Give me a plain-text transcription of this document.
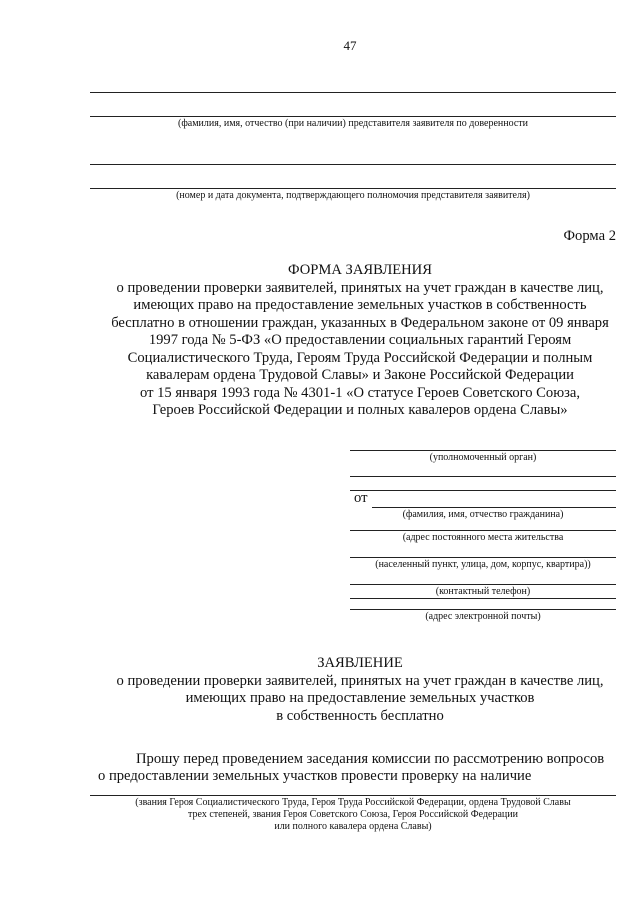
47
(фамилия, имя, отчество (при наличии) представителя заявителя по доверенности
(номер и дата документа, подтверждающего полномочия представителя заявителя)
Форма 2
ФОРМА ЗАЯВЛЕНИЯ
о проведении проверки заявителей, принятых на учет граждан в качестве лиц,
имеющих право на предоставление земельных участков в собственность
бесплатно в отношении граждан, указанных в Федеральном законе от 09 января
1997 года № 5-ФЗ «О предоставлении социальных гарантий Героям
Социалистического Труда, Героям Труда Российской Федерации и полным
кавалерам ордена Трудовой Славы» и Законе Российской Федерации
от 15 января 1993 года № 4301-1 «О статусе Героев Советского Союза,
Героев Российской Федерации и полных кавалеров ордена Славы»
(уполномоченный орган)
от
(фамилия, имя, отчество гражданина)
(адрес постоянного места жительства
(населенный пункт, улица, дом, корпус, квартира))
(контактный телефон)
(адрес электронной почты)
ЗАЯВЛЕНИЕ
о проведении проверки заявителей, принятых на учет граждан в качестве лиц,
имеющих право на предоставление земельных участков
в собственность бесплатно
Прошу перед проведением заседания комиссии по рассмотрению вопросов
о предоставлении земельных участков провести проверку на наличие
(звания Героя Социалистического Труда, Героя Труда Российской Федерации, ордена Трудовой Славы
трех степеней, звания Героя Советского Союза, Героя Российской Федерации
или полного кавалера ордена Славы)
